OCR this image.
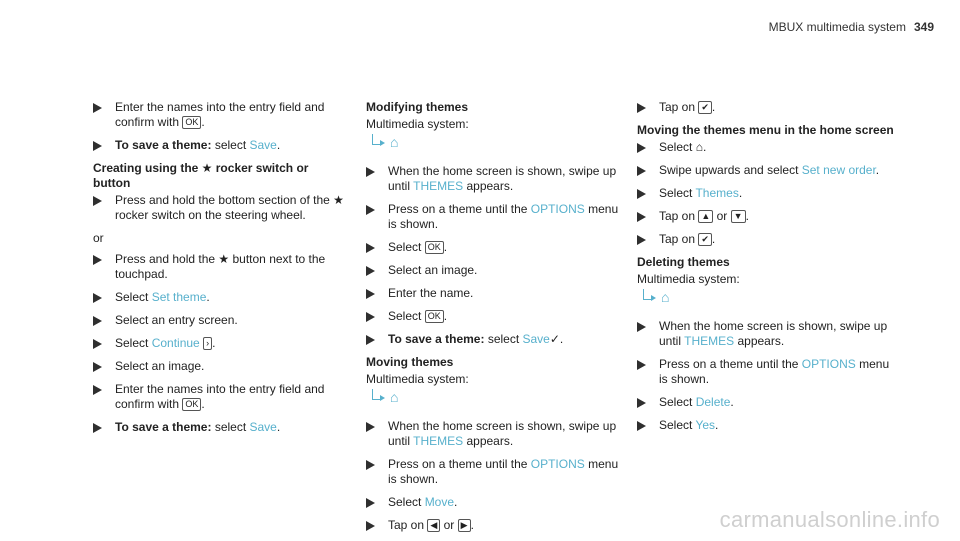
MBUX multimedia system 349
Enter the names into the entry field and confirm with OK .
To save a theme: select Save.
Creating using the ★ rocker switch or button
Press and hold the bottom section of the ★ rocker switch on the steering wheel.
or
Press and hold the ★ button next to the touchpad.
Select Set theme.
Select an entry screen.
Select Continue › .
Select an image.
Enter the names into the entry field and confirm with OK .
To save a theme: select Save.
Modifying themes
Multimedia system:
⌂
When the home screen is shown, swipe up until THEMES appears.
Press on a theme until the OPTIONS menu is shown.
Select OK .
Select an image.
Enter the name.
Select OK .
To save a theme: select Save✓.
Moving themes
Multimedia system:
⌂
When the home screen is shown, swipe up until THEMES appears.
Press on a theme until the OPTIONS menu is shown.
Select Move.
Tap on ◀ or ▶ .
Tap on ✔ .
Moving the themes menu in the home screen
Select ⌂.
Swipe upwards and select Set new order.
Select Themes.
Tap on ▲ or ▼ .
Tap on ✔ .
Deleting themes
Multimedia system:
⌂
When the home screen is shown, swipe up until THEMES appears.
Press on a theme until the OPTIONS menu is shown.
Select Delete.
Select Yes.
carmanualsonline.info
